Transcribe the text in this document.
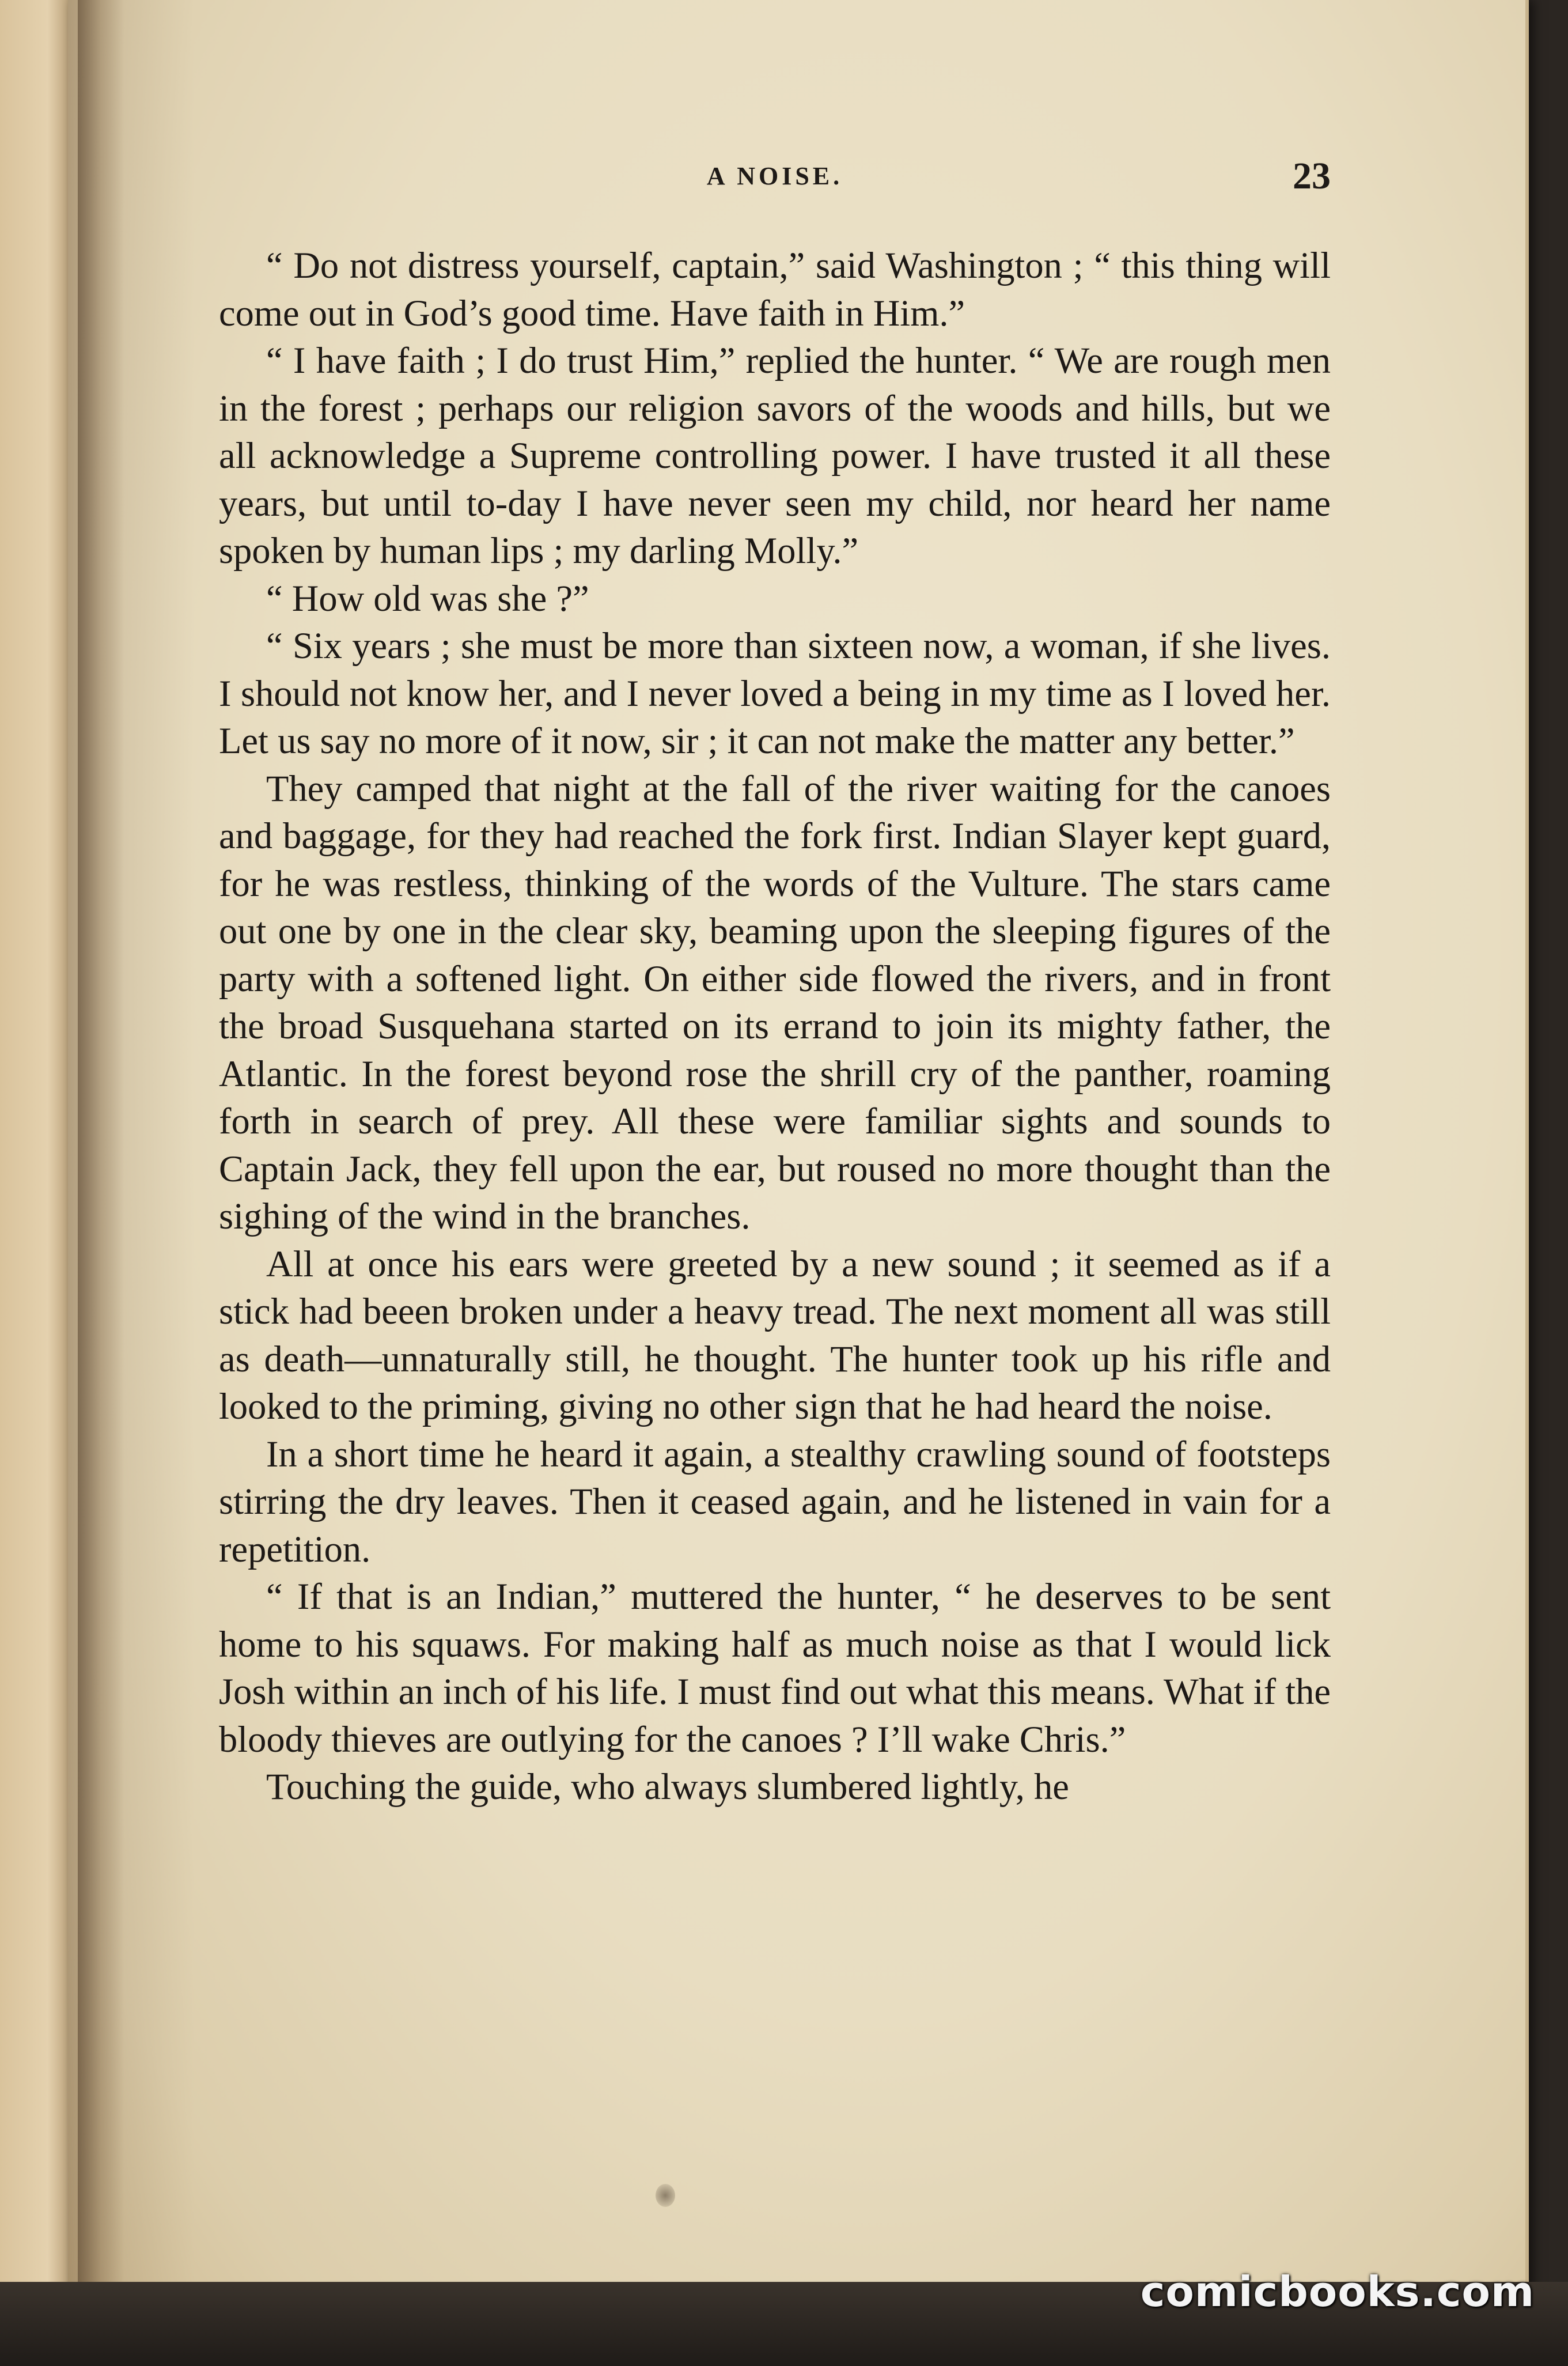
A NOISE.	23

“ Do not distress yourself, captain,” said Washington ; “ this thing will come out in God’s good time. Have faith in Him.”

“ I have faith ; I do trust Him,” replied the hunter. “ We are rough men in the forest ; perhaps our religion savors of the woods and hills, but we all acknowledge a Supreme controlling power. I have trusted it all these years, but until to-day I have never seen my child, nor heard her name spoken by human lips ; my darling Molly.”

“ How old was she ?”

“ Six years ; she must be more than sixteen now, a woman, if she lives. I should not know her, and I never loved a being in my time as I loved her. Let us say no more of it now, sir ; it can not make the matter any better.”

They camped that night at the fall of the river waiting for the canoes and baggage, for they had reached the fork first. Indian Slayer kept guard, for he was restless, thinking of the words of the Vulture. The stars came out one by one in the clear sky, beaming upon the sleeping figures of the party with a softened light. On either side flowed the rivers, and in front the broad Susquehana started on its errand to join its mighty father, the Atlantic. In the forest beyond rose the shrill cry of the panther, roaming forth in search of prey. All these were familiar sights and sounds to Captain Jack, they fell upon the ear, but roused no more thought than the sighing of the wind in the branches.

All at once his ears were greeted by a new sound ; it seemed as if a stick had beeen broken under a heavy tread. The next moment all was still as death—unnaturally still, he thought. The hunter took up his rifle and looked to the priming, giving no other sign that he had heard the noise.

In a short time he heard it again, a stealthy crawling sound of footsteps stirring the dry leaves. Then it ceased again, and he listened in vain for a repetition.

“ If that is an Indian,” muttered the hunter, “ he deserves to be sent home to his squaws. For making half as much noise as that I would lick Josh within an inch of his life. I must find out what this means. What if the bloody thieves are outlying for the canoes ? I’ll wake Chris.”

Touching the guide, who always slumbered lightly, he

comicbooks.com
